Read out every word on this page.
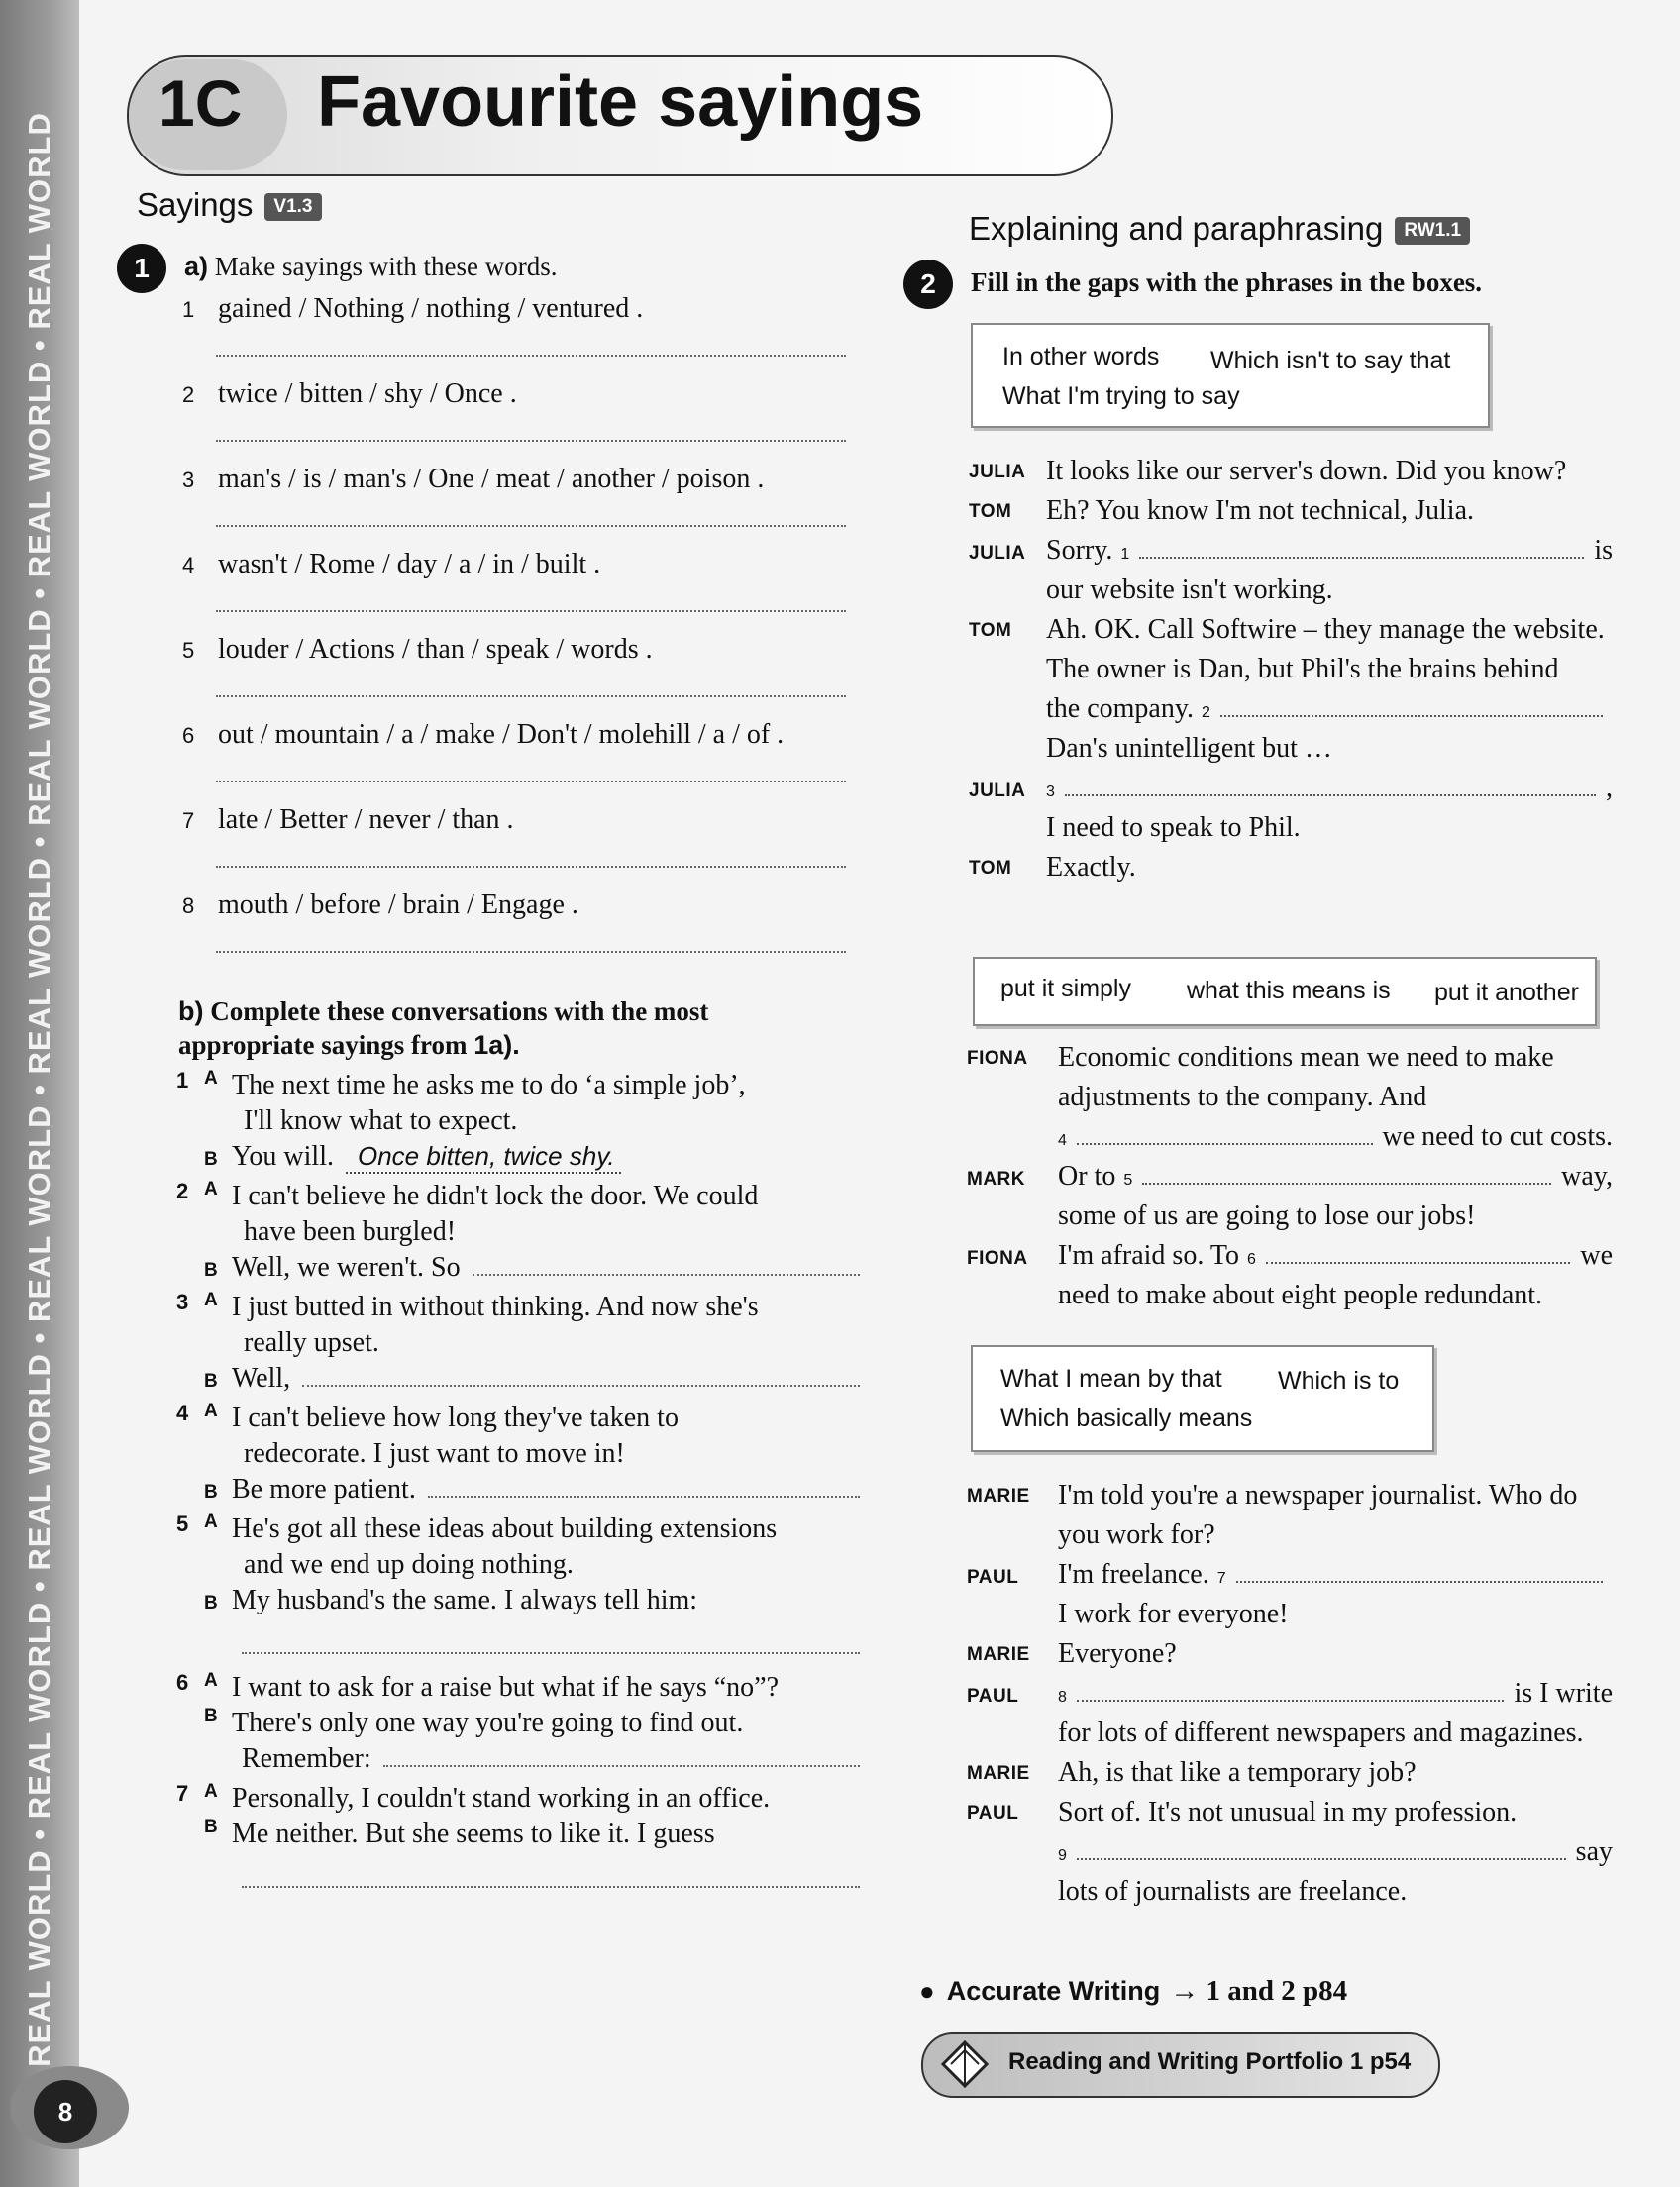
REAL WORLD • REAL WORLD • REAL WORLD • REAL WORLD • REAL WORLD • REAL WORLD • REAL WORLD • REAL WORLD
8
1C Favourite sayings
Sayings V1.3
1	a) Make sayings with these words.
1 gained / Nothing / nothing / ventured .
2 twice / bitten / shy / Once .
3 man's / is / man's / One / meat / another / poison .
4 wasn't / Rome / day / a / in / built .
5 louder / Actions / than / speak / words .
6 out / mountain / a / make / Don't / molehill / a / of .
7 late / Better / never / than .
8 mouth / before / brain / Engage .
b) Complete these conversations with the most
appropriate sayings from 1a).
1 A The next time he asks me to do ‘a simple job’,
I'll know what to expect.
B You will. Once bitten, twice shy.
2 A I can't believe he didn't lock the door. We could
have been burgled!
B Well, we weren't. So
3 A I just butted in without thinking. And now she's
really upset.
B Well,
4 A I can't believe how long they've taken to
redecorate. I just want to move in!
B Be more patient.
5 A He's got all these ideas about building extensions
and we end up doing nothing.
B My husband's the same. I always tell him:
6 A I want to ask for a raise but what if he says “no”?
B There's only one way you're going to find out.
Remember:
7 A Personally, I couldn't stand working in an office.
B Me neither. But she seems to like it. I guess
Explaining and paraphrasing RW1.1
2	Fill in the gaps with the phrases in the boxes.
In other words Which isn't to say that
What I'm trying to say
JULIA It looks like our server's down. Did you know?
TOM	Eh? You know I'm not technical, Julia.
JULIA Sorry. 1	is
our website isn't working.
TOM	Ah. OK. Call Softwire – they manage the website.
The owner is Dan, but Phil's the brains behind
the company. 2
Dan's unintelligent but …
JULIA	3	,
I need to speak to Phil.
TOM	Exactly.
put it simply what this means is put it another
FIONA	Economic conditions mean we need to make
adjustments to the company. And
4	we need to cut costs.
MARK	Or to 5	way,
some of us are going to lose our jobs!
FIONA	I'm afraid so. To 6	we
need to make about eight people redundant.
What I mean by that Which is to
Which basically means
MARIE	I'm told you're a newspaper journalist. Who do
you work for?
PAUL	I'm freelance. 7
I work for everyone!
MARIE	Everyone?
PAUL	8	is I write
for lots of different newspapers and magazines.
MARIE	Ah, is that like a temporary job?
PAUL	Sort of. It's not unusual in my profession.
9	say
lots of journalists are freelance.
● Accurate Writing → 1 and 2 p84
Reading and Writing Portfolio 1 p54
